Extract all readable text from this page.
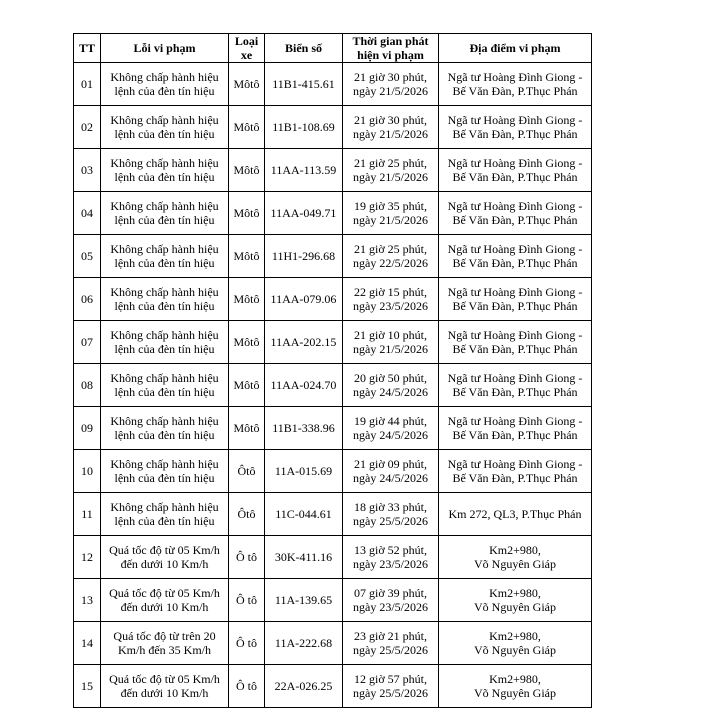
TT	Lỗi vi phạm	Loại
xe	Biển số	Thời gian phát
hiện vi phạm	Địa điểm vi phạm

01	Không chấp hành hiệu
lệnh của đèn tín hiệu	Môtô	11B1-415.61	21 giờ 30 phút,
ngày 21/5/2026	Ngã tư Hoàng Đình Giong -
Bế Văn Đàn, P.Thục Phán

02	Không chấp hành hiệu
lệnh của đèn tín hiệu	Môtô	11B1-108.69	21 giờ 30 phút,
ngày 21/5/2026	Ngã tư Hoàng Đình Giong -
Bế Văn Đàn, P.Thục Phán

03	Không chấp hành hiệu
lệnh của đèn tín hiệu	Môtô	11AA-113.59	21 giờ 25 phút,
ngày 21/5/2026	Ngã tư Hoàng Đình Giong -
Bế Văn Đàn, P.Thục Phán

04	Không chấp hành hiệu
lệnh của đèn tín hiệu	Môtô	11AA-049.71	19 giờ 35 phút,
ngày 21/5/2026	Ngã tư Hoàng Đình Giong -
Bế Văn Đàn, P.Thục Phán

05	Không chấp hành hiệu
lệnh của đèn tín hiệu	Môtô	11H1-296.68	21 giờ 25 phút,
ngày 22/5/2026	Ngã tư Hoàng Đình Giong -
Bế Văn Đàn, P.Thục Phán

06	Không chấp hành hiệu
lệnh của đèn tín hiệu	Môtô	11AA-079.06	22 giờ 15 phút,
ngày 23/5/2026	Ngã tư Hoàng Đình Giong -
Bế Văn Đàn, P.Thục Phán

07	Không chấp hành hiệu
lệnh của đèn tín hiệu	Môtô	11AA-202.15	21 giờ 10 phút,
ngày 21/5/2026	Ngã tư Hoàng Đình Giong -
Bế Văn Đàn, P.Thục Phán

08	Không chấp hành hiệu
lệnh của đèn tín hiệu	Môtô	11AA-024.70	20 giờ 50 phút,
ngày 24/5/2026	Ngã tư Hoàng Đình Giong -
Bế Văn Đàn, P.Thục Phán

09	Không chấp hành hiệu
lệnh của đèn tín hiệu	Môtô	11B1-338.96	19 giờ 44 phút,
ngày 24/5/2026	Ngã tư Hoàng Đình Giong -
Bế Văn Đàn, P.Thục Phán

10	Không chấp hành hiệu
lệnh của đèn tín hiệu	Ôtô	11A-015.69	21 giờ 09 phút,
ngày 24/5/2026	Ngã tư Hoàng Đình Giong -
Bế Văn Đàn, P.Thục Phán

11	Không chấp hành hiệu
lệnh của đèn tín hiệu	Ôtô	11C-044.61	18 giờ 33 phút,
ngày 25/5/2026	Km 272, QL3, P.Thục Phán

12	Quá tốc độ từ 05 Km/h
đến dưới 10 Km/h	Ô tô	30K-411.16	13 giờ 52 phút,
ngày 23/5/2026	Km2+980,
Võ Nguyên Giáp

13	Quá tốc độ từ 05 Km/h
đến dưới 10 Km/h	Ô tô	11A-139.65	07 giờ 39 phút,
ngày 23/5/2026	Km2+980,
Võ Nguyên Giáp

14	Quá tốc độ từ trên 20
Km/h đến 35 Km/h	Ô tô	11A-222.68	23 giờ 21 phút,
ngày 25/5/2026	Km2+980,
Võ Nguyên Giáp

15	Quá tốc độ từ 05 Km/h
đến dưới 10 Km/h	Ô tô	22A-026.25	12 giờ 57 phút,
ngày 25/5/2026	Km2+980,
Võ Nguyên Giáp
